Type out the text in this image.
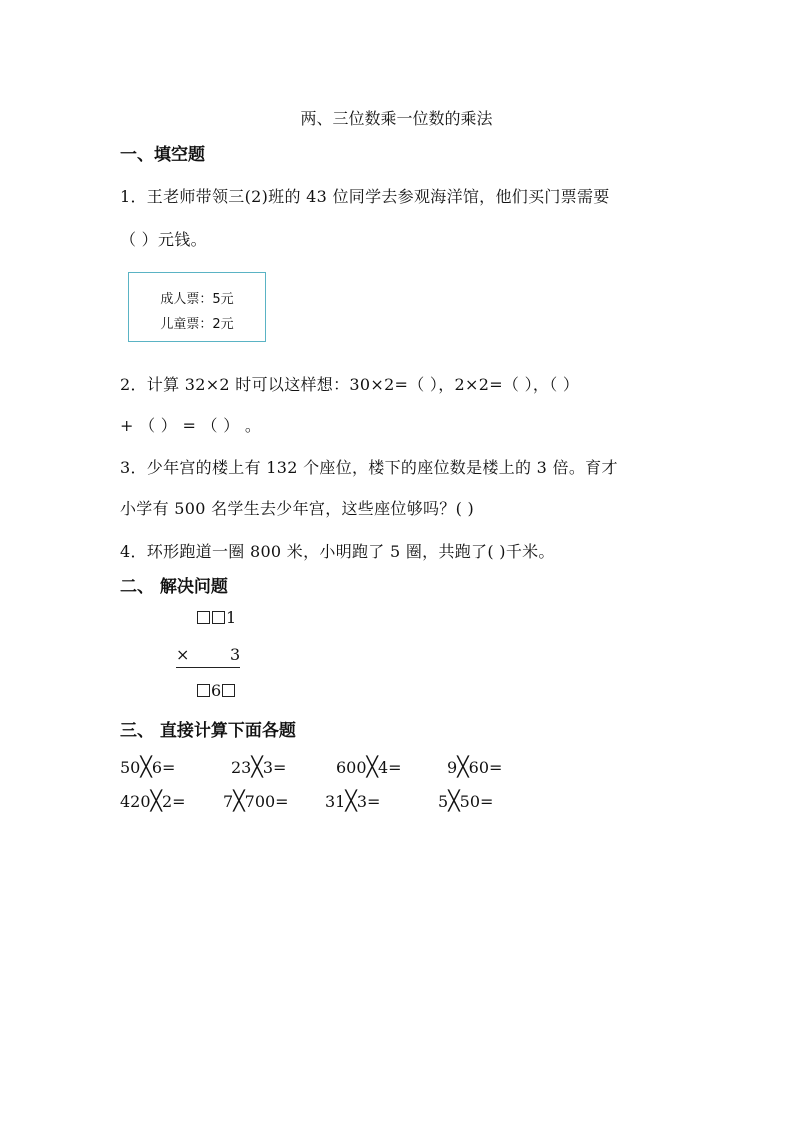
两、三位数乘一位数的乘法
一、填空题
1．王老师带领三(2)班的 43 位同学去参观海洋馆，他们买门票需要
（ ）元钱。
成人票：5元
儿童票：2元
2．计算 32×2 时可以这样想：30×2=（ ），2×2=（ ），（ ）
+ （ ） = （ ） 。
3．少年宫的楼上有 132 个座位，楼下的座位数是楼上的 3 倍。育才
小学有 500 名学生去少年宫，这些座位够吗？( )
4．环形跑道一圈 800 米，小明跑了 5 圈，共跑了( )千米。
二、 解决问题
1
×	3
6
三、 直接计算下面各题
50╳6=	23╳3=	600╳4=	9╳60=
420╳2= 7╳700= 31╳3=	5╳50=
